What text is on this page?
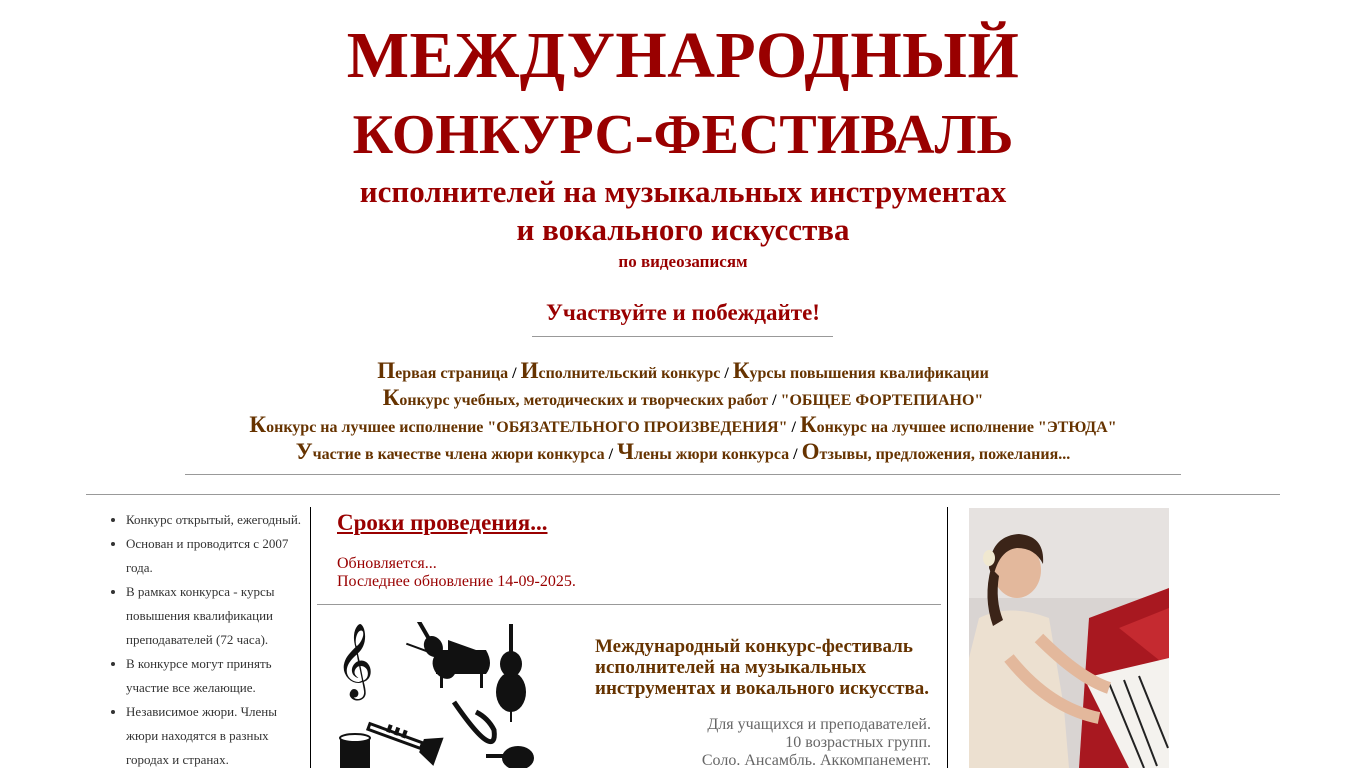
МЕЖДУНАРОДНЫЙ
КОНКУРС-ФЕСТИВАЛЬ
исполнителей на музыкальных инструментах
и вокального искусства
по видеозаписям
Участвуйте и побеждайте!
Первая страница / Исполнительский конкурс / Курсы повышения квалификации
Конкурс учебных, методических и творческих работ / "ОБЩЕЕ ФОРТЕПИАНО"
Конкурс на лучшее исполнение "ОБЯЗАТЕЛЬНОГО ПРОИЗВЕДЕНИЯ" / Конкурс на лучшее исполнение "ЭТЮДА"
Участие в качестве члена жюри конкурса / Члены жюри конкурса / Отзывы, предложения, пожелания...
• Конкурс открытый, ежегодный.
• Основан и проводится с 2007 года.
• В рамках конкурса - курсы повышения квалификации преподавателей (72 часа).
• В конкурсе могут принять участие все желающие.
• Независимое жюри. Члены жюри находятся в разных городах и странах.
Сроки проведения...
Обновляется...
Последнее обновление 14-09-2025.
𝄞	Международный конкурс-фестиваль исполнителей на музыкальных инструментах и вокального искусства.
Для учащихся и преподавателей.
10 возрастных групп.
Соло. Ансамбль. Аккомпанемент.
